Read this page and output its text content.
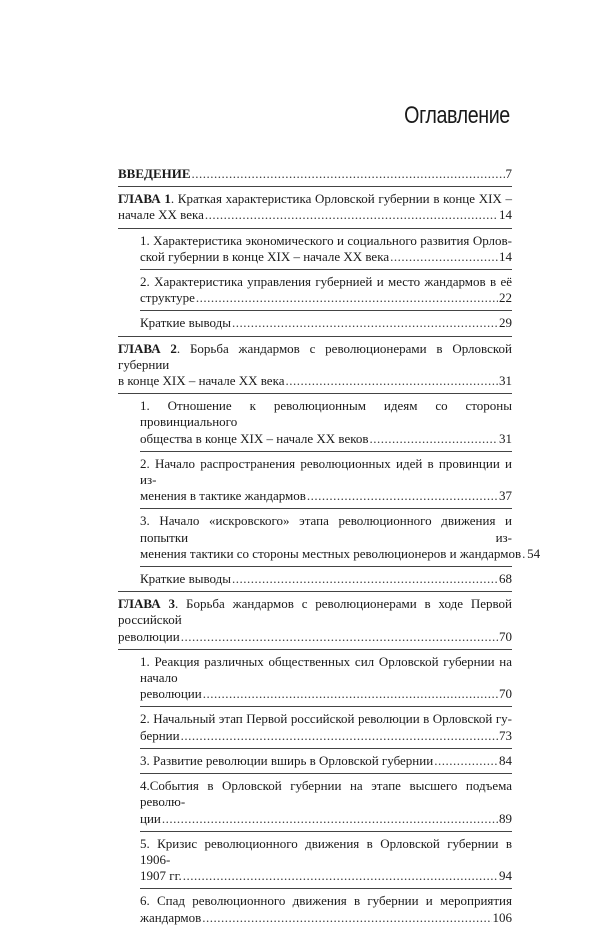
Оглавление
ВВЕДЕНИЕ .....	7
ГЛАВА 1. Краткая характеристика Орловской губернии в конце XIX –
начале XX века .....	14
1. Характеристика экономического и социального развития Орлов-
ской губернии в конце XIX – начале XX века .....	14
2. Характеристика управления губернией и место жандармов в её
структуре .....	22
Краткие выводы .....	29
ГЛАВА 2. Борьба жандармов с революционерами в Орловской губернии
в конце XIX – начале XX века .....	31
1. Отношение к революционным идеям со стороны провинциального
общества в конце XIX – начале XX веков .....	31
2. Начало распространения революционных идей в провинции и из-
менения в тактике жандармов .....	37
3. Начало «искровского» этапа революционного движения и попытки из-
менения тактики со стороны местных революционеров и жандармов ..... 54
Краткие выводы .....	68
ГЛАВА 3. Борьба жандармов с революционерами в ходе Первой российской
революции .....	70
1. Реакция различных общественных сил Орловской губернии на начало
революции .....	70
2. Начальный этап Первой российской революции в Орловской гу-
бернии .....	73
3. Развитие революции вширь в Орловской губернии .....	84
4.События в Орловской губернии на этапе высшего подъема револю-
ции .....	89
5. Кризис революционного движения в Орловской губернии в 1906-
1907 гг. .....	94
6. Спад революционного движения в губернии и мероприятия
жандармов .....	106
